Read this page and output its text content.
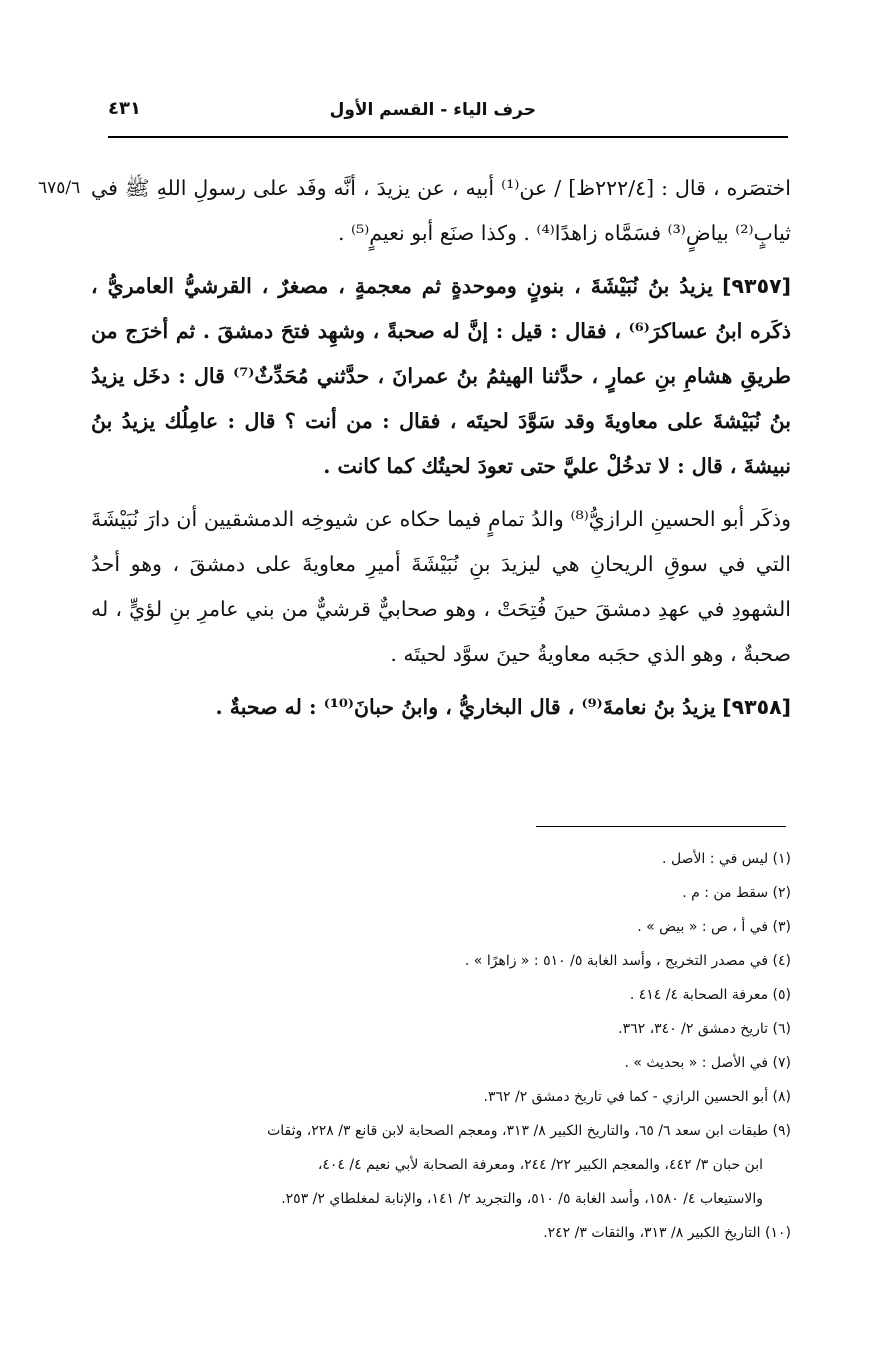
حرف الياء - القسم الأول
٤٣١
٦٧٥/٦ اختصَره ، قال : [٢٢٢/٤ظ] / عن⁽¹⁾ أبيه ، عن يزيدَ ، أنَّه وفَد على رسولِ اللهِ ﷺ في ثيابٍ⁽²⁾ بياضٍ⁽³⁾ فسَمَّاه زاهدًا⁽⁴⁾ . وكذا صنَع أبو نعيمٍ⁽⁵⁾ .

[٩٣٥٧] يزيدُ بنُ نُبَيْشَةَ ، بنونٍ وموحدةٍ ثم معجمةٍ ، مصغرٌ ، القرشيُّ العامريُّ ، ذكَره ابنُ عساكرَ⁽⁶⁾ ، فقال : قيل : إنَّ له صحبةً ، وشهِد فتحَ دمشقَ . ثم أخرَج من طريقِ هشامِ بنِ عمارٍ ، حدَّثنا الهيثمُ بنُ عمرانَ ، حدَّثني مُحَدِّثٌ⁽⁷⁾ قال : دخَل يزيدُ بنُ نُبَيْشةَ على معاويةَ وقد سَوَّدَ لحيتَه ، فقال : من أنت ؟ قال : عامِلُك يزيدُ بنُ نبيشةَ ، قال : لا تدخُلْ عليَّ حتى تعودَ لحيتُك كما كانت .

وذكَر أبو الحسينِ الرازيُّ⁽⁸⁾ والدُ تمامٍ فيما حكاه عن شيوخِه الدمشقيين أن دارَ نُبَيْشَةَ التي في سوقِ الريحانِ هي ليزيدَ بنِ نُبَيْشَةَ أميرِ معاويةَ على دمشقَ ، وهو أحدُ الشهودِ في عهدِ دمشقَ حينَ فُتِحَتْ ، وهو صحابيٌّ قرشيٌّ من بني عامرِ بنِ لؤيٍّ ، له صحبةٌ ، وهو الذي حجَبه معاويةُ حينَ سوَّد لحيتَه .

[٩٣٥٨] يزيدُ بنُ نعامةَ⁽⁹⁾ ، قال البخاريُّ ، وابنُ حبانَ⁽¹⁰⁾ : له صحبةٌ .

(١) ليس في : الأصل .
(٢) سقط من : م .
(٣) في أ ، ص : « بيض » .
(٤) في مصدر التخريج ، وأسد الغابة ٥/ ٥١٠ : « زاهرًا » .
(٥) معرفة الصحابة ٤/ ٤١٤ .
(٦) تاريخ دمشق ٢/ ٣٤٠، ٣٦٢.
(٧) في الأصل : « بحديث » .
(٨) أبو الحسين الرازي - كما في تاريخ دمشق ٢/ ٣٦٢.
(٩) طبقات ابن سعد ٦/ ٦٥، والتاريخ الكبير ٨/ ٣١٣، ومعجم الصحابة لابن قانع ٣/ ٢٢٨، وثقات
ابن حبان ٣/ ٤٤٢، والمعجم الكبير ٢٢/ ٢٤٤، ومعرفة الصحابة لأبي نعيم ٤/ ٤٠٤،
والاستيعاب ٤/ ١٥٨٠، وأسد الغابة ٥/ ٥١٠، والتجريد ٢/ ١٤١، والإنابة لمغلطاي ٢/ ٢٥٣.
(١٠) التاريخ الكبير ٨/ ٣١٣، والثقات ٣/ ٢٤٢.
